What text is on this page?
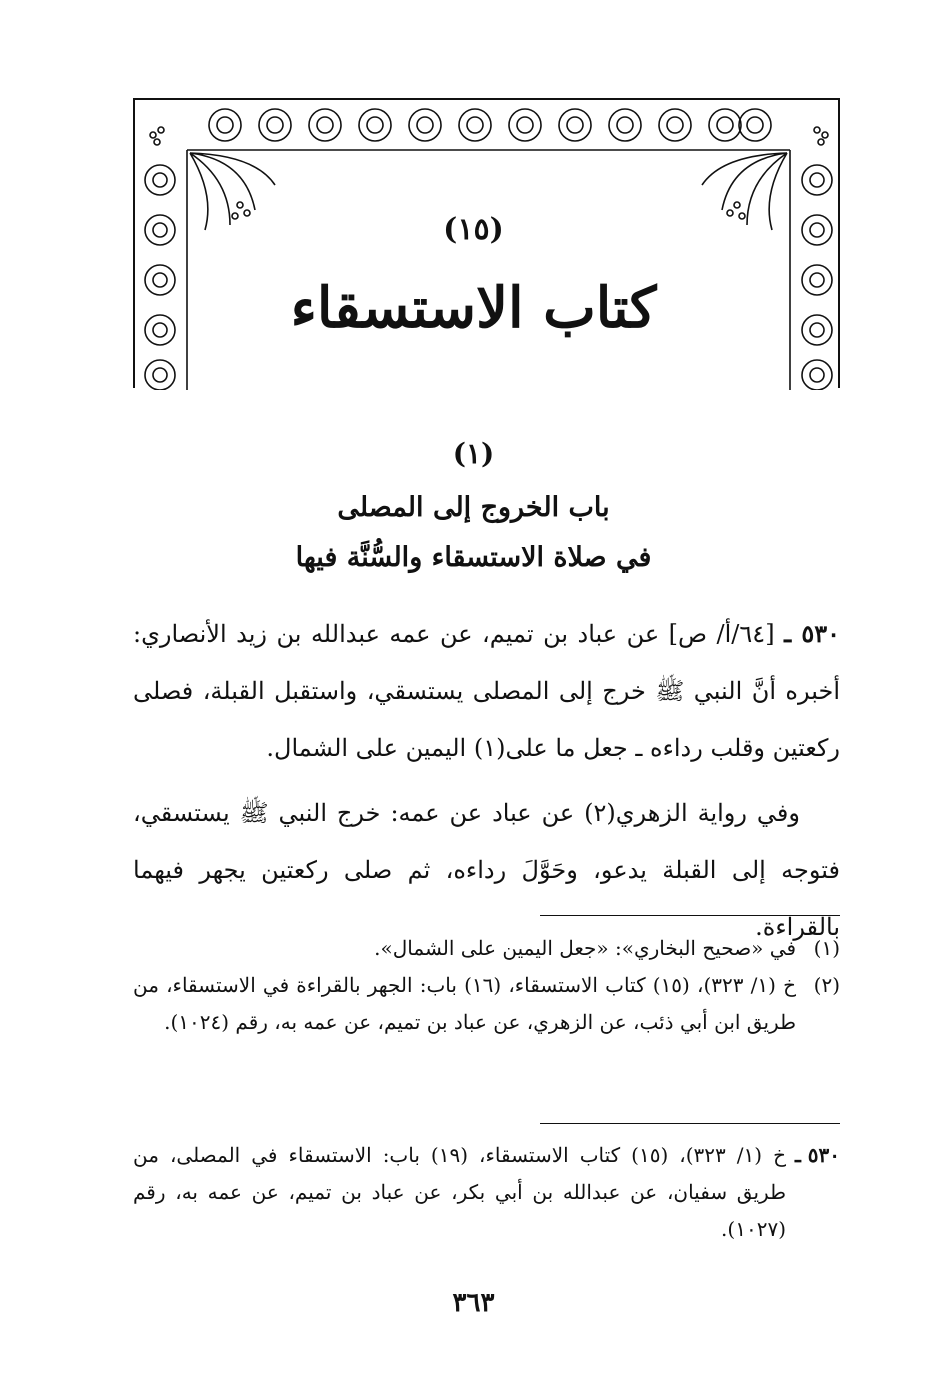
(١٥)
كتاب الاستسقاء
(١)
باب الخروج إلى المصلى
في صلاة الاستسقاء والسُّنَّة فيها

٥٣٠ ـ [٦٤/أ/ ص] عن عباد بن تميم، عن عمه عبدالله بن زيد الأنصاري: أخبره أنَّ النبي ﷺ خرج إلى المصلى يستسقي، واستقبل القبلة، فصلى ركعتين وقلب رداءه ـ جعل ما على(١) اليمين على الشمال.

وفي رواية الزهري(٢) عن عباد عن عمه: خرج النبي ﷺ يستسقي، فتوجه إلى القبلة يدعو، وحَوَّلَ رداءه، ثم صلى ركعتين يجهر فيهما بالقراءة.

(١)
في «صحيح البخاري»: «جعل اليمين على الشمال».
(٢)
خ (١/ ٣٢٣)، (١٥) كتاب الاستسقاء، (١٦) باب: الجهر بالقراءة في الاستسقاء، من طريق ابن أبي ذئب، عن الزهري، عن عباد بن تميم، عن عمه به، رقم (١٠٢٤).
٥٣٠ ـ
خ (١/ ٣٢٣)، (١٥) كتاب الاستسقاء، (١٩) باب: الاستسقاء في المصلى، من طريق سفيان، عن عبدالله بن أبي بكر، عن عباد بن تميم، عن عمه به، رقم (١٠٢٧).
٣٦٣
